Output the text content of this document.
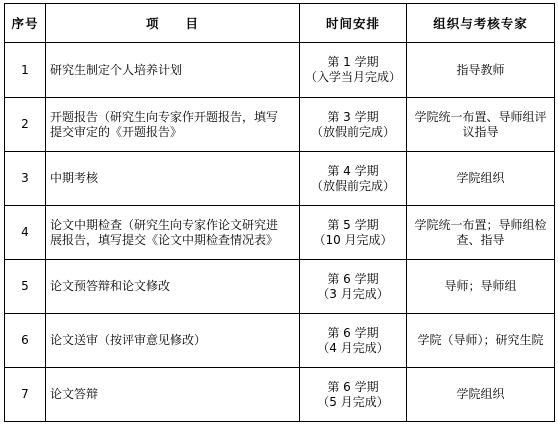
序号	项 目	时间安排	组织与考核专家
1	研究生制定个人培养计划	第 1 学期
（入学当月完成）	指导教师

2	开题报告（研究生向专家作开题报告，填写
提交审定的《开题报告》	第 3 学期
（放假前完成）	学院统一布置、导师组评
议指导

3	中期考核	第 4 学期
（放假前完成）	学院组织

4	论文中期检查（研究生向专家作论文研究进
展报告，填写提交《论文中期检查情况表》	第 5 学期
（10 月完成）	学院统一布置；导师组检
查、指导

5	论文预答辩和论文修改	第 6 学期
（3 月完成）	导师；导师组

6	论文送审（按评审意见修改）	第 6 学期
（4 月完成）	学院（导师）；研究生院

7	论文答辩	第 6 学期
（5 月完成）	学院组织
